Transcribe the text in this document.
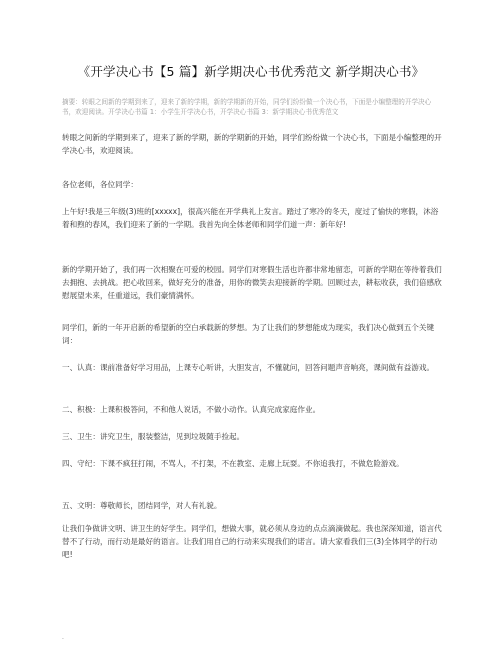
《开学决心书【5 篇】新学期决心书优秀范文 新学期决心书》
摘要：转眼之间新的学期到来了，迎来了新的学期，新的学期新的开始，同学们纷纷做一个决心书，下面是小编整理的开学决心书，欢迎阅读。开学决心书篇 1：小学生开学决心书，开学决心书篇 3：新学期决心书优秀范文

转眼之间新的学期到来了，迎来了新的学期，新的学期新的开始，同学们纷纷做一个决心书，下面是小编整理的开学决心书，欢迎阅读。

各位老师，各位同学：

上午好!我是三年级(3)班的[xxxxx]，很高兴能在开学典礼上发言。踏过了寒冷的冬天，度过了愉快的寒假，沐浴着和煦的春风，我们迎来了新的一学期。我首先向全体老师和同学们道一声：新年好!

新的学期开始了，我们再一次相聚在可爱的校园。同学们对寒假生活也许都非常地留恋，可新的学期在等待着我们去拥抱、去挑战。把心收回来，做好充分的准备，用你的微笑去迎接新的学期。回顾过去，耕耘收获，我们倍感欣慰展望未来，任重道远，我们豪情满怀。

同学们，新的一年开启新的希望新的空白承载新的梦想。为了让我们的梦想能成为现实，我们决心做到五个关键词：

一、认真：课前准备好学习用品，上课专心听讲，大胆发言，不懂就问，回答问题声音响亮，课间做有益游戏。

二、积极：上课积极答问，不和他人说话，不做小动作。认真完成家庭作业。

三、卫生：讲究卫生，服装整洁，见到垃圾随手捡起。

四、守纪：下课不疯狂打闹，不骂人，不打架，不在教室、走廊上玩耍。不你追我打，不做危险游戏。

五、文明：尊敬师长，团结同学，对人有礼貌。

让我们争做讲文明、讲卫生的好学生。同学们，想做大事，就必须从身边的点点滴滴做起。我也深深知道，语言代替不了行动，而行动是最好的语言。让我们用自己的行动来实现我们的诺言。请大家看我们三(3)全体同学的行动吧!

.
